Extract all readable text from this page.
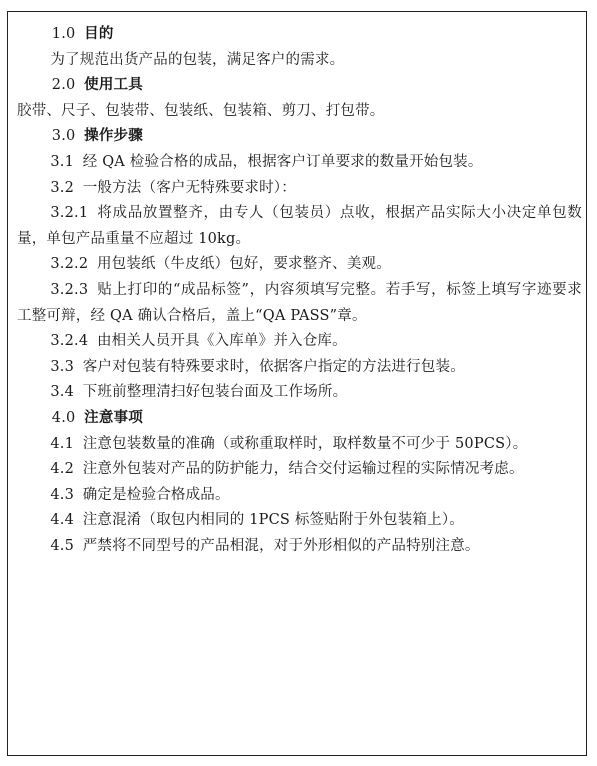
1.0 目的
为了规范出货产品的包装，满足客户的需求。
2.0 使用工具
胶带、尺子、包装带、包装纸、包装箱、剪刀、打包带。
3.0 操作步骤
3.1 经 QA 检验合格的成品，根据客户订单要求的数量开始包装。
3.2 一般方法（客户无特殊要求时）：
3.2.1 将成品放置整齐，由专人（包装员）点收，根据产品实际大小决定单包数量，单包产品重量不应超过 10kg。
3.2.2 用包装纸（牛皮纸）包好，要求整齐、美观。
3.2.3 贴上打印的“成品标签”，内容须填写完整。若手写，标签上填写字迹要求工整可辩，经 QA 确认合格后，盖上“QA PASS”章。
3.2.4 由相关人员开具《入库单》并入仓库。
3.3 客户对包装有特殊要求时，依据客户指定的方法进行包装。
3.4 下班前整理清扫好包装台面及工作场所。
4.0 注意事项
4.1 注意包装数量的准确（或称重取样时，取样数量不可少于 50PCS）。
4.2 注意外包装对产品的防护能力，结合交付运输过程的实际情况考虑。
4.3 确定是检验合格成品。
4.4 注意混淆（取包内相同的 1PCS 标签贴附于外包装箱上）。
4.5 严禁将不同型号的产品相混，对于外形相似的产品特别注意。
